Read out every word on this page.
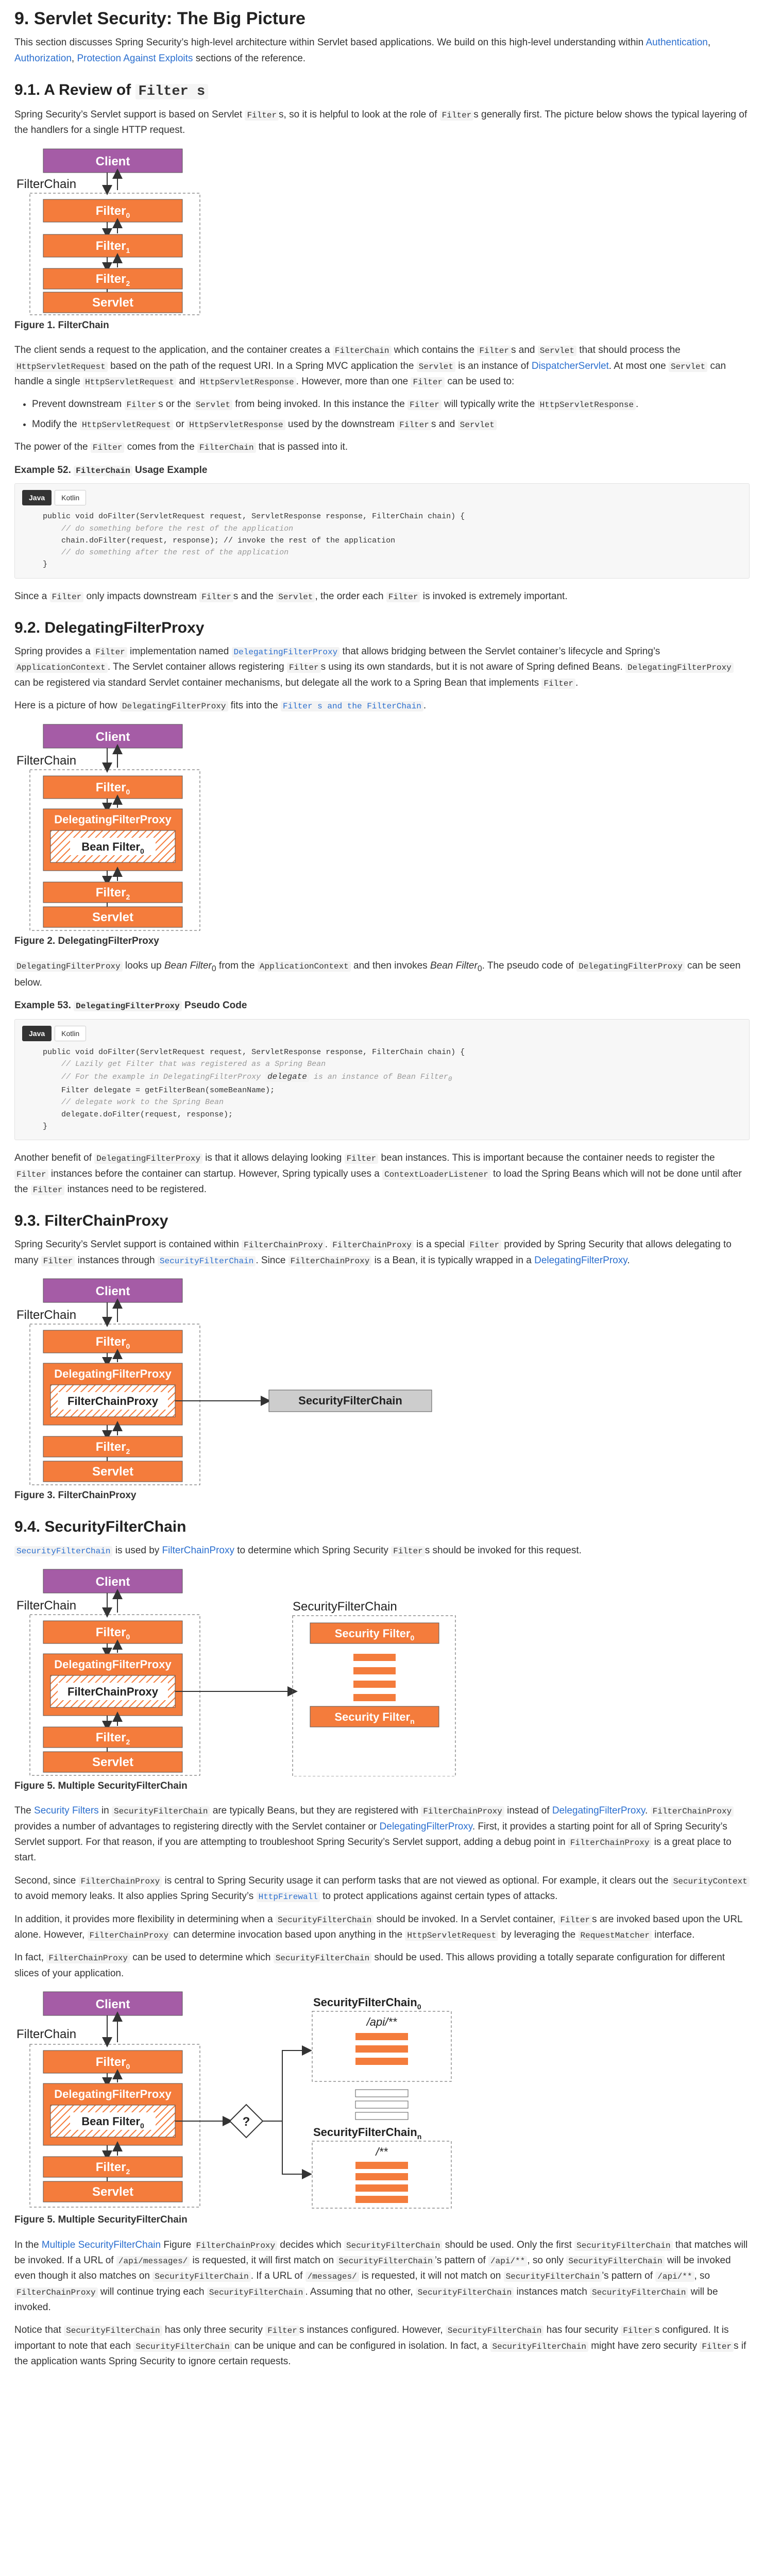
9. Servlet Security: The Big Picture

This section discusses Spring Security’s high-level architecture within Servlet based applications. We build on this high-level understanding within Authentication, Authorization, Protection Against Exploits sections of the reference.

9.1. A Review of Filter s

Spring Security’s Servlet support is based on Servlet Filter s, so it is helpful to look at the role of Filter s generally first. The picture below shows the typical layering of the handlers for a single HTTP request.

Client
FilterChain
Filter$_0$
Filter$_1$
Filter$_2$
Servlet
Figure 1. FilterChain

The client sends a request to the application, and the container creates a FilterChain which contains the Filter s and Servlet that should process the HttpServletRequest based on the path of the request URI. In a Spring MVC application the Servlet is an instance of DispatcherServlet. At most one Servlet can handle a single HttpServletRequest and HttpServletResponse . However, more than one Filter can be used to:

• Prevent downstream Filter s or the Servlet from being invoked. In this instance the Filter will typically write the HttpServletResponse .
• Modify the HttpServletRequest or HttpServletResponse used by the downstream Filter s and Servlet

The power of the Filter comes from the FilterChain that is passed into it.

Example 52. FilterChain Usage Example
Java	Kotlin
public void doFilter(ServletRequest request, ServletResponse response, FilterChain chain) {
// do something before the rest of the application
chain.doFilter(request, response); // invoke the rest of the application
// do something after the rest of the application
}

Since a Filter only impacts downstream Filter s and the Servlet , the order each Filter is invoked is extremely important.

9.2. DelegatingFilterProxy

Spring provides a Filter implementation named DelegatingFilterProxy that allows bridging between the Servlet container’s lifecycle and Spring’s ApplicationContext . The Servlet container allows registering Filter s using its own standards, but it is not aware of Spring defined Beans. DelegatingFilterProxy can be registered via standard Servlet container mechanisms, but delegate all the work to a Spring Bean that implements Filter .

Here is a picture of how DelegatingFilterProxy fits into the Filter s and the FilterChain .

Client
FilterChain
Filter$_0$
DelegatingFilterProxy
Bean Filter$_0$
Filter$_2$
Servlet
Figure 2. DelegatingFilterProxy

DelegatingFilterProxy looks up Bean Filter$_0$ from the ApplicationContext and then invokes Bean Filter$_0$. The pseudo code of DelegatingFilterProxy can be seen below.

Example 53. DelegatingFilterProxy Pseudo Code
Java	Kotlin
public void doFilter(ServletRequest request, ServletResponse response, FilterChain chain) {
// Lazily get Filter that was registered as a Spring Bean
// For the example in DelegatingFilterProxy delegate is an instance of Bean Filter$_0$
Filter delegate = getFilterBean(someBeanName);
// delegate work to the Spring Bean
delegate.doFilter(request, response);
}

Another benefit of DelegatingFilterProxy is that it allows delaying looking Filter bean instances. This is important because the container needs to register the Filter instances before the container can startup. However, Spring typically uses a ContextLoaderListener to load the Spring Beans which will not be done until after the Filter instances need to be registered.

9.3. FilterChainProxy

Spring Security’s Servlet support is contained within FilterChainProxy . FilterChainProxy is a special Filter provided by Spring Security that allows delegating to many Filter instances through SecurityFilterChain . Since FilterChainProxy is a Bean, it is typically wrapped in a DelegatingFilterProxy.

Client
FilterChain
Filter$_0$
DelegatingFilterProxy
FilterChainProxy	SecurityFilterChain
Filter$_2$
Servlet
Figure 3. FilterChainProxy
9.4. SecurityFilterChain

SecurityFilterChain is used by FilterChainProxy to determine which Spring Security Filter s should be invoked for this request.

Client
FilterChain
Filter$_0$
DelegatingFilterProxy
FilterChainProxy
SecurityFilterChain
Security Filter$_0$
Security Filter$_n$
Filter$_2$
Servlet
Figure 5. Multiple SecurityFilterChain

The Security Filters in SecurityFilterChain are typically Beans, but they are registered with FilterChainProxy instead of DelegatingFilterProxy. FilterChainProxy provides a number of advantages to registering directly with the Servlet container or DelegatingFilterProxy. First, it provides a starting point for all of Spring Security’s Servlet support. For that reason, if you are attempting to troubleshoot Spring Security’s Servlet support, adding a debug point in FilterChainProxy is a great place to start.

Second, since FilterChainProxy is central to Spring Security usage it can perform tasks that are not viewed as optional. For example, it clears out the SecurityContext to avoid memory leaks. It also applies Spring Security’s HttpFirewall to protect applications against certain types of attacks.

In addition, it provides more flexibility in determining when a SecurityFilterChain should be invoked. In a Servlet container, Filter s are invoked based upon the URL alone. However, FilterChainProxy can determine invocation based upon anything in the HttpServletRequest by leveraging the RequestMatcher interface.

In fact, FilterChainProxy can be used to determine which SecurityFilterChain should be used. This allows providing a totally separate configuration for different slices of your application.

Client
FilterChain
Filter$_0$
DelegatingFilterProxy
Bean Filter$_0$	?
SecurityFilterChain$_0$
/api/**
SecurityFilterChain$_n$
/**
Filter$_2$
Servlet
Figure 5. Multiple SecurityFilterChain

In the Multiple SecurityFilterChain Figure FilterChainProxy decides which SecurityFilterChain should be used. Only the first SecurityFilterChain that matches will be invoked. If a URL of /api/messages/ is requested, it will first match on SecurityFilterChain ’s pattern of /api/** , so only SecurityFilterChain will be invoked even though it also matches on SecurityFilterChain . If a URL of /messages/ is requested, it will not match on SecurityFilterChain ’s pattern of /api/** , so FilterChainProxy will continue trying each SecurityFilterChain . Assuming that no other, SecurityFilterChain instances match SecurityFilterChain will be invoked.

Notice that SecurityFilterChain has only three security Filter s instances configured. However, SecurityFilterChain has four security Filter s configured. It is important to note that each SecurityFilterChain can be unique and can be configured in isolation. In fact, a SecurityFilterChain might have zero security Filter s if the application wants Spring Security to ignore certain requests.
